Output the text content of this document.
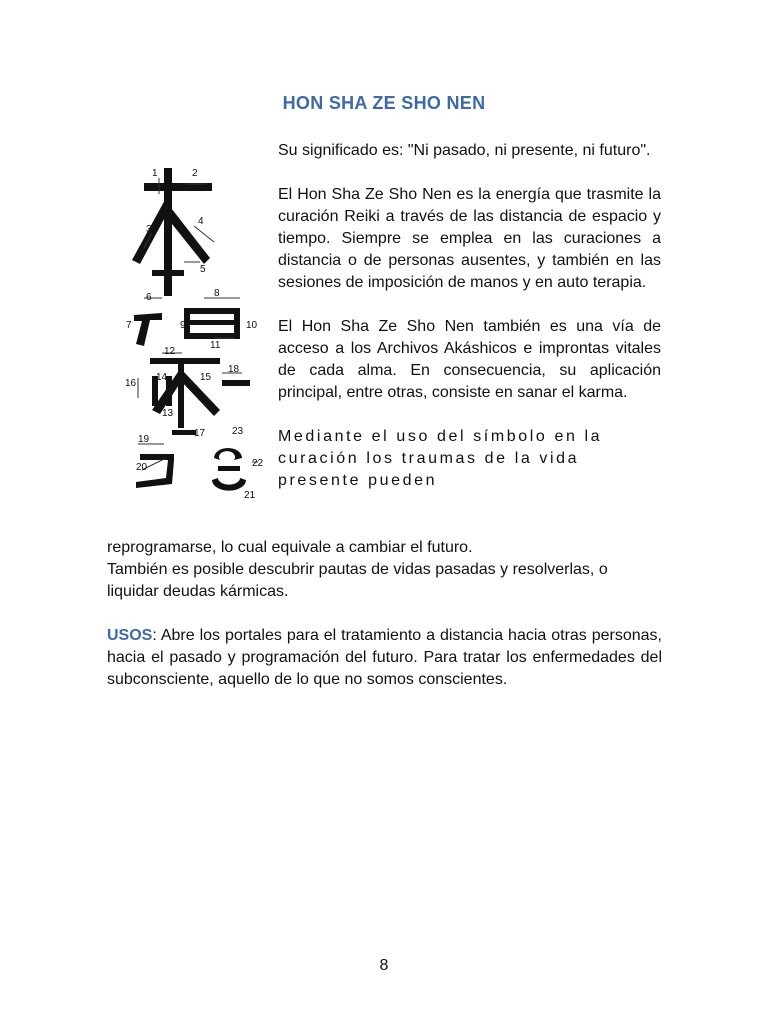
HON SHA ZE SHO NEN
1	2
3
4
5
6
7
8
9	10
11
12
13
14	15
16
17
18
19
20
21
22
23

Su significado es: "Ni pasado, ni presente, ni futuro".

El Hon Sha Ze Sho Nen es la energía que trasmite la curación Reiki a través de las distancia de espacio y tiempo. Siempre se emplea en las curaciones a distancia o de personas ausentes, y también en las sesiones de imposición de manos y en auto terapia.

El Hon Sha Ze Sho Nen también es una vía de acceso a los Archivos Akáshicos e improntas vitales de cada alma. En consecuencia, su aplicación principal, entre otras, consiste en sanar el karma.

Mediante el uso del símbolo en la curación los traumas de la vida presente pueden

reprogramarse, lo cual equivale a cambiar el futuro.

También es posible descubrir pautas de vidas pasadas y resolverlas, o liquidar deudas kármicas.

USOS: Abre los portales para el tratamiento a distancia hacia otras personas, hacia el pasado y programación del futuro. Para tratar los enfermedades del subconsciente, aquello de lo que no somos conscientes.

8
